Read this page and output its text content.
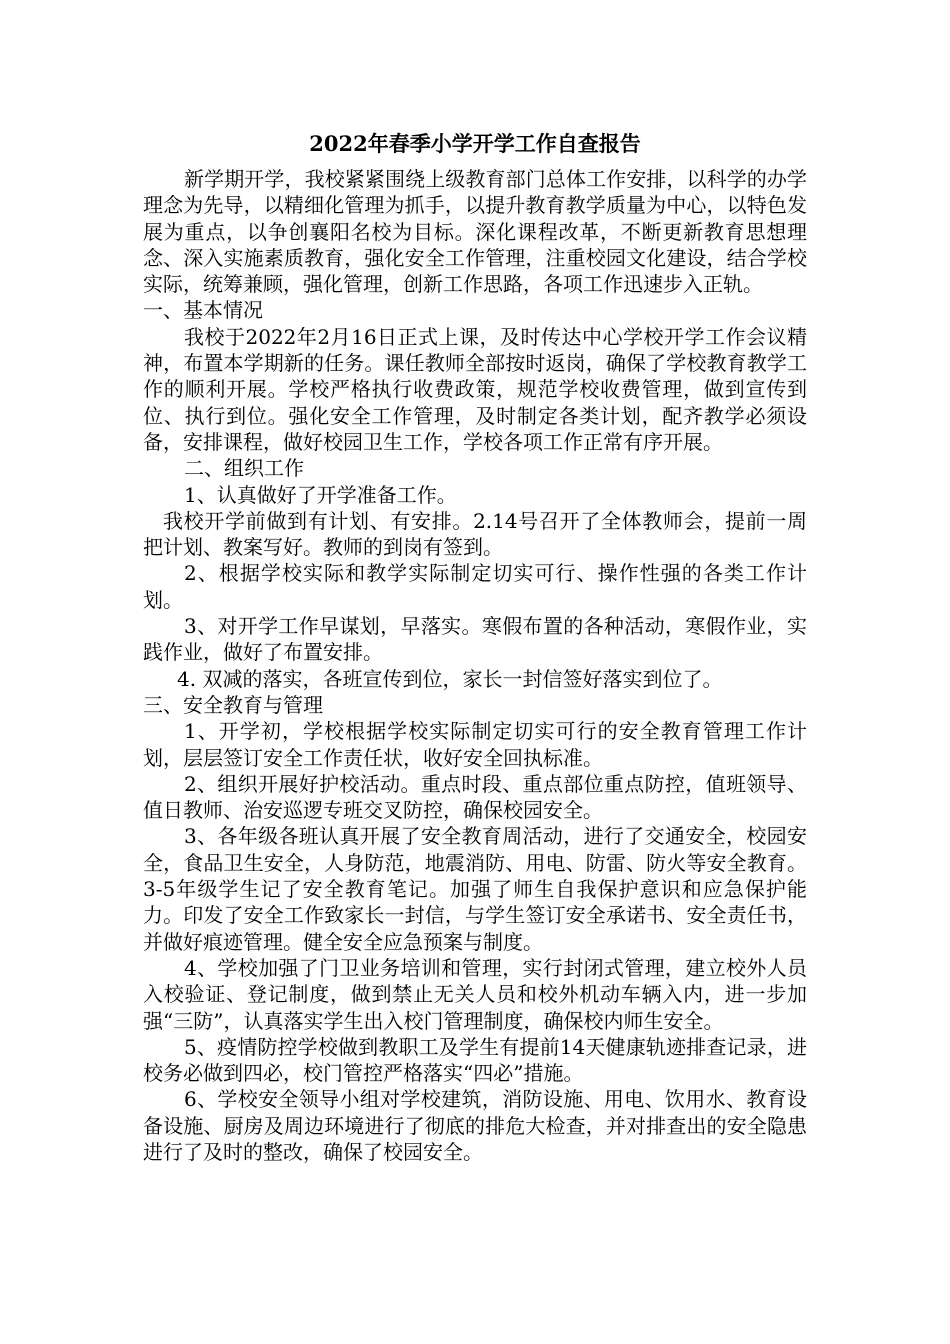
2022年春季小学开学工作自查报告

新学期开学，我校紧紧围绕上级教育部门总体工作安排，以科学的办学理念为先导，以精细化管理为抓手，以提升教育教学质量为中心，以特色发展为重点，以争创襄阳名校为目标。深化课程改革，不断更新教育思想理念、深入实施素质教育，强化安全工作管理，注重校园文化建设，结合学校实际，统筹兼顾，强化管理，创新工作思路，各项工作迅速步入正轨。

一、基本情况

我校于2022年2月16日正式上课，及时传达中心学校开学工作会议精神，布置本学期新的任务。课任教师全部按时返岗，确保了学校教育教学工作的顺利开展。学校严格执行收费政策，规范学校收费管理，做到宣传到位、执行到位。强化安全工作管理，及时制定各类计划，配齐教学必须设备，安排课程，做好校园卫生工作，学校各项工作正常有序开展。

二、组织工作

1、认真做好了开学准备工作。

我校开学前做到有计划、有安排。2.14号召开了全体教师会，提前一周把计划、教案写好。教师的到岗有签到。

2、根据学校实际和教学实际制定切实可行、操作性强的各类工作计划。

3、对开学工作早谋划，早落实。寒假布置的各种活动，寒假作业，实践作业，做好了布置安排。

4. 双减的落实，各班宣传到位，家长一封信签好落实到位了。

三、安全教育与管理

1、开学初，学校根据学校实际制定切实可行的安全教育管理工作计划，层层签订安全工作责任状，收好安全回执标准。

2、组织开展好护校活动。重点时段、重点部位重点防控，值班领导、值日教师、治安巡逻专班交叉防控，确保校园安全。

3、各年级各班认真开展了安全教育周活动，进行了交通安全，校园安全，食品卫生安全，人身防范，地震消防、用电、防雷、防火等安全教育。3-5年级学生记了安全教育笔记。加强了师生自我保护意识和应急保护能力。印发了安全工作致家长一封信，与学生签订安全承诺书、安全责任书，并做好痕迹管理。健全安全应急预案与制度。

4、学校加强了门卫业务培训和管理，实行封闭式管理，建立校外人员入校验证、登记制度，做到禁止无关人员和校外机动车辆入内，进一步加强“三防”，认真落实学生出入校门管理制度，确保校内师生安全。

5、疫情防控学校做到教职工及学生有提前14天健康轨迹排查记录，进校务必做到四必，校门管控严格落实“四必”措施。

6、学校安全领导小组对学校建筑，消防设施、用电、饮用水、教育设备设施、厨房及周边环境进行了彻底的排危大检查，并对排查出的安全隐患进行了及时的整改，确保了校园安全。
